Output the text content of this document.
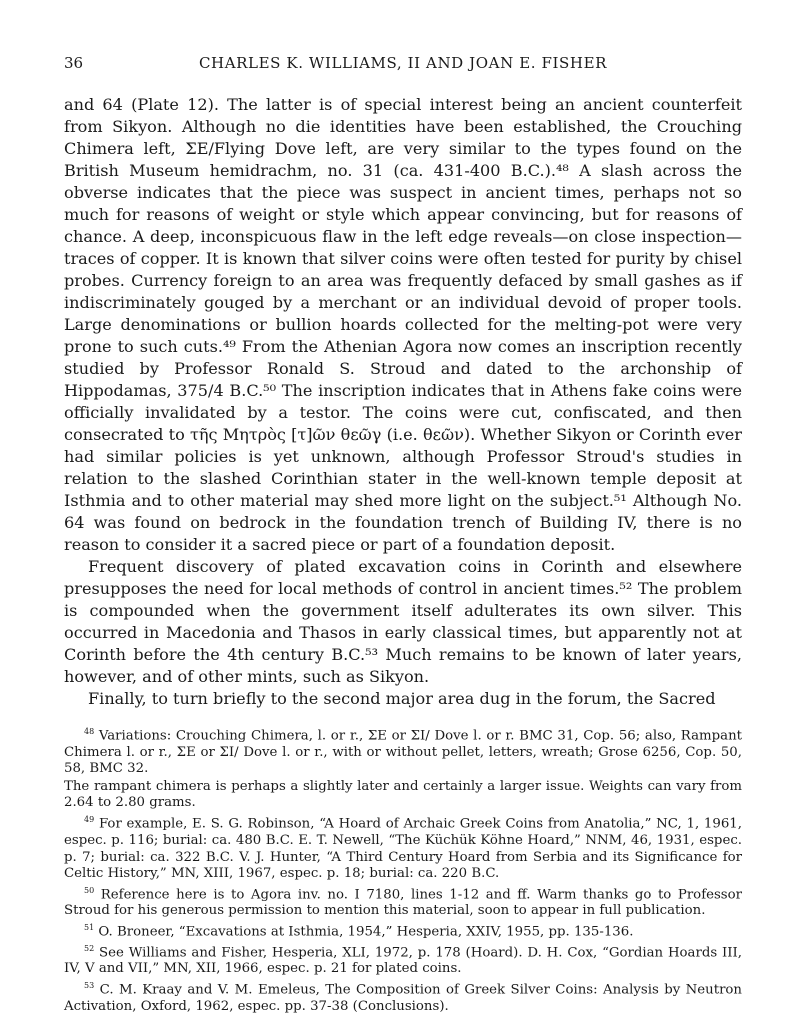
36	CHARLES K. WILLIAMS, II AND JOAN E. FISHER

and 64 (Plate 12). The latter is of special interest being an ancient counterfeit from Sikyon. Although no die identities have been established, the Crouching Chimera left, ΣE/Flying Dove left, are very similar to the types found on the British Museum hemidrachm, no. 31 (ca. 431-400 B.C.).⁴⁸ A slash across the obverse indicates that the piece was suspect in ancient times, perhaps not so much for reasons of weight or style which appear convincing, but for reasons of chance. A deep, inconspicuous flaw in the left edge reveals—on close inspection—traces of copper. It is known that silver coins were often tested for purity by chisel probes. Currency foreign to an area was frequently defaced by small gashes as if indiscriminately gouged by a merchant or an individual devoid of proper tools. Large denominations or bullion hoards collected for the melting-pot were very prone to such cuts.⁴⁹ From the Athenian Agora now comes an inscription recently studied by Professor Ronald S. Stroud and dated to the archonship of Hippodamas, 375/4 B.C.⁵⁰ The inscription indicates that in Athens fake coins were officially invalidated by a testor. The coins were cut, confiscated, and then consecrated to τῆς Μητρὸς [τ]ῶν θεῶγ (i.e. θεῶν). Whether Sikyon or Corinth ever had similar policies is yet unknown, although Professor Stroud's studies in relation to the slashed Corinthian stater in the well-known temple deposit at Isthmia and to other material may shed more light on the subject.⁵¹ Although No. 64 was found on bedrock in the foundation trench of Building IV, there is no reason to consider it a sacred piece or part of a foundation deposit.

Frequent discovery of plated excavation coins in Corinth and elsewhere presupposes the need for local methods of control in ancient times.⁵² The problem is compounded when the government itself adulterates its own silver. This occurred in Macedonia and Thasos in early classical times, but apparently not at Corinth before the 4th century B.C.⁵³ Much remains to be known of later years, however, and of other mints, such as Sikyon.

Finally, to turn briefly to the second major area dug in the forum, the Sacred

$^{48}$ Variations: Crouching Chimera, l. or r., ΣE or ΣI/ Dove l. or r. BMC 31, Cop. 56; also, Rampant Chimera l. or r., ΣE or ΣI/ Dove l. or r., with or without pellet, letters, wreath; Grose 6256, Cop. 50, 58, BMC 32.

The rampant chimera is perhaps a slightly later and certainly a larger issue. Weights can vary from 2.64 to 2.80 grams.

$^{49}$ For example, E. S. G. Robinson, “A Hoard of Archaic Greek Coins from Anatolia,” NC, 1, 1961, espec. p. 116; burial: ca. 480 B.C. E. T. Newell, “The Küchük Köhne Hoard,” NNM, 46, 1931, espec. p. 7; burial: ca. 322 B.C. V. J. Hunter, “A Third Century Hoard from Serbia and its Significance for Celtic History,” MN, XIII, 1967, espec. p. 18; burial: ca. 220 B.C.

$^{50}$ Reference here is to Agora inv. no. I 7180, lines 1-12 and ff. Warm thanks go to Professor Stroud for his generous permission to mention this material, soon to appear in full publication.

$^{51}$ O. Broneer, “Excavations at Isthmia, 1954,” Hesperia, XXIV, 1955, pp. 135-136.

$^{52}$ See Williams and Fisher, Hesperia, XLI, 1972, p. 178 (Hoard). D. H. Cox, “Gordian Hoards III, IV, V and VII,” MN, XII, 1966, espec. p. 21 for plated coins.

$^{53}$ C. M. Kraay and V. M. Emeleus, The Composition of Greek Silver Coins: Analysis by Neutron Activation, Oxford, 1962, espec. pp. 37-38 (Conclusions).
